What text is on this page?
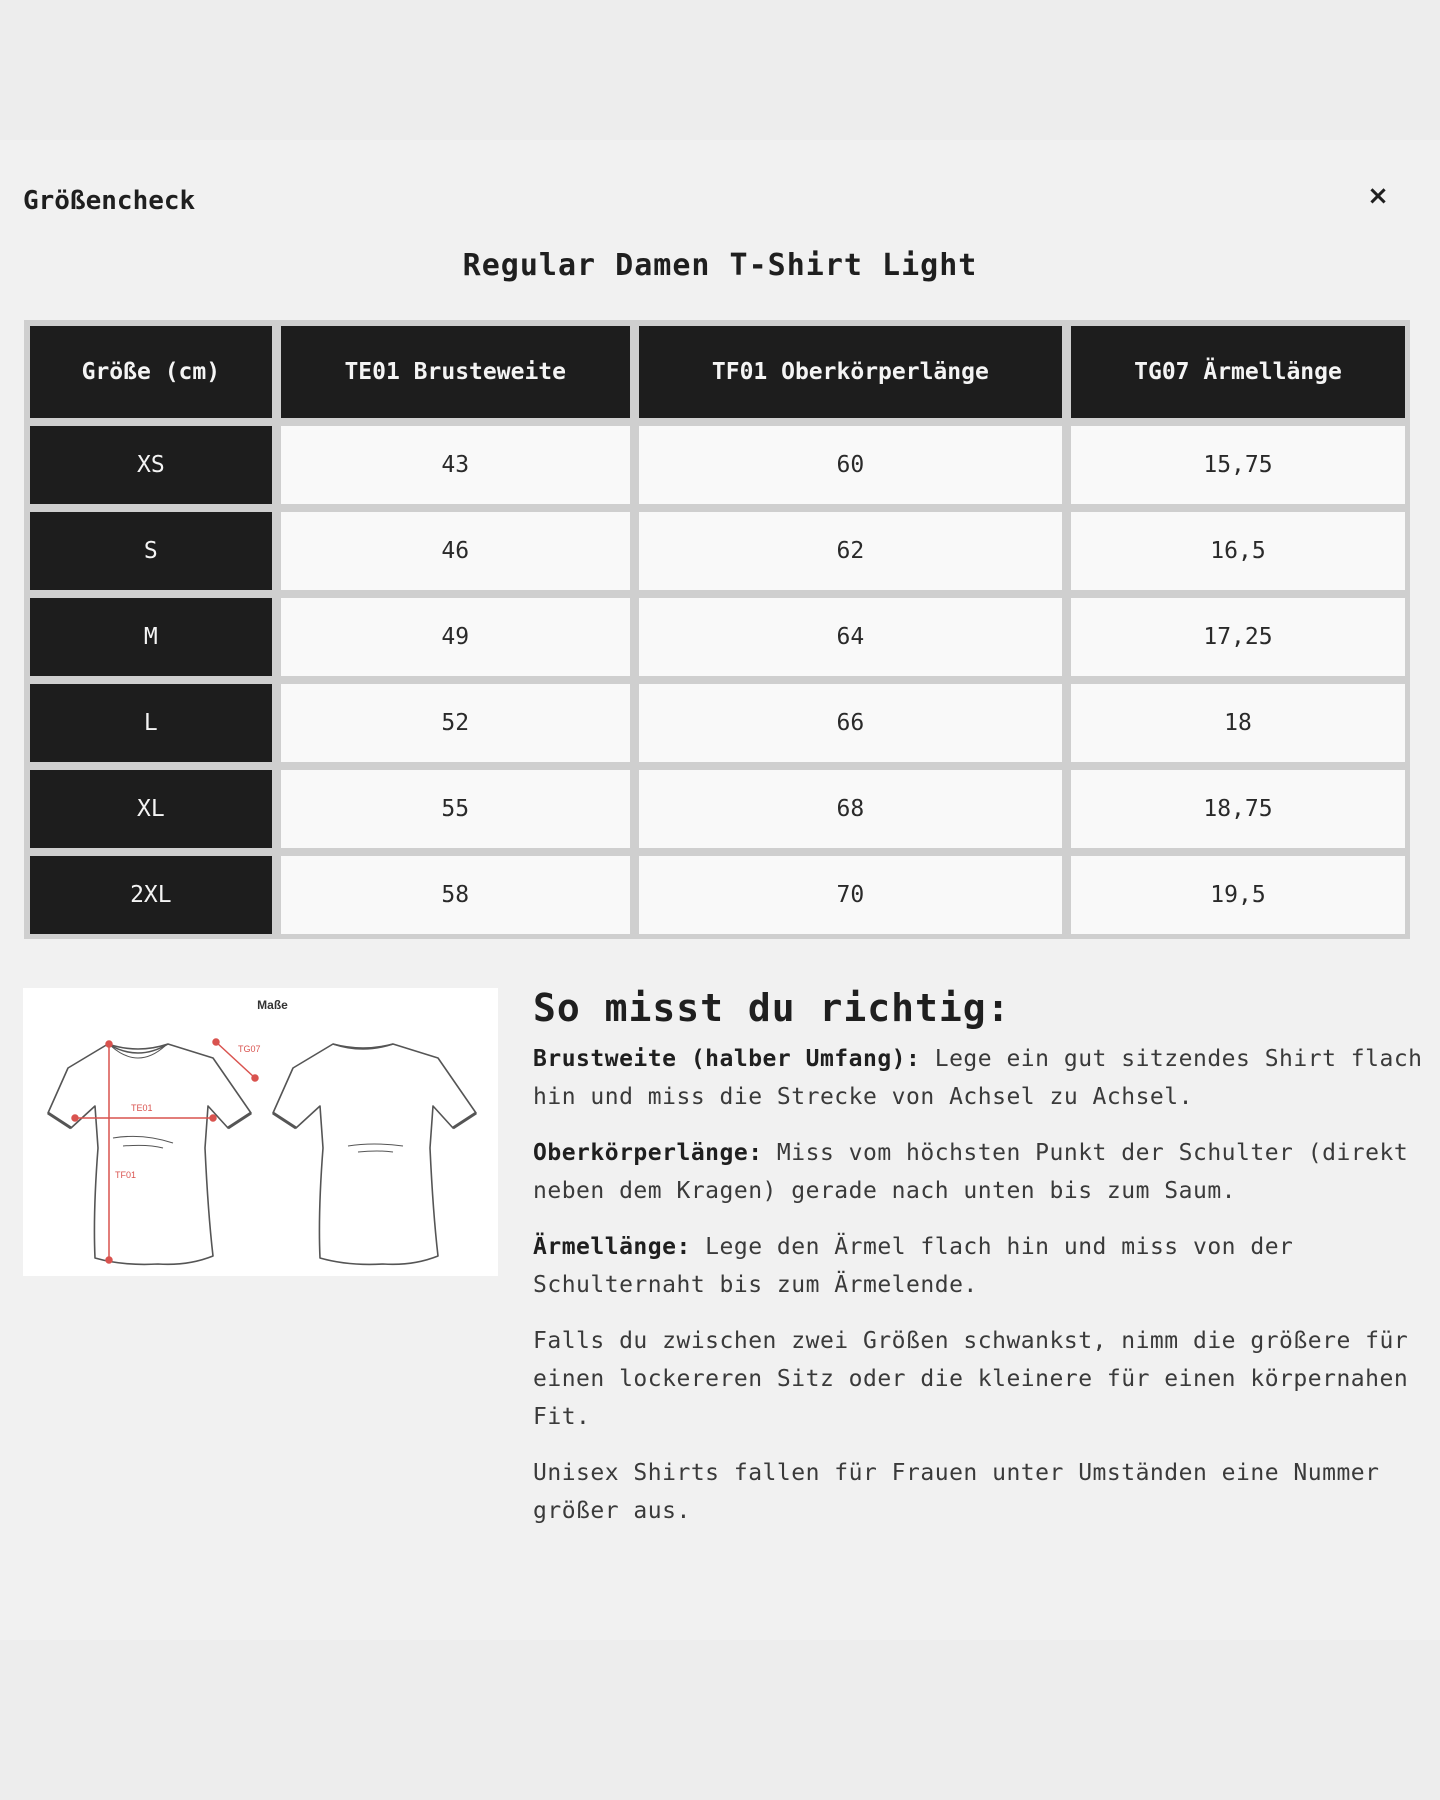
Größencheck	×
Regular Damen T-Shirt Light
Größe (cm)	TE01 Brusteweite	TF01 Oberkörperlänge	TG07 Ärmellänge
XS	43	60	15,75
S	46	62	16,5
M	49	64	17,25
L	52	66	18
XL	55	68	18,75
2XL	58	70	19,5
Maße
TE01
TF01
TG07
So misst du richtig:

Brustweite (halber Umfang): Lege ein gut sitzendes Shirt flach hin und miss die Strecke von Achsel zu Achsel.

Oberkörperlänge: Miss vom höchsten Punkt der Schulter (direkt neben dem Kragen) gerade nach unten bis zum Saum.

Ärmellänge: Lege den Ärmel flach hin und miss von der Schulternaht bis zum Ärmelende.

Falls du zwischen zwei Größen schwankst, nimm die größere für einen lockereren Sitz oder die kleinere für einen körpernahen Fit.

Unisex Shirts fallen für Frauen unter Umständen eine Nummer größer aus.
